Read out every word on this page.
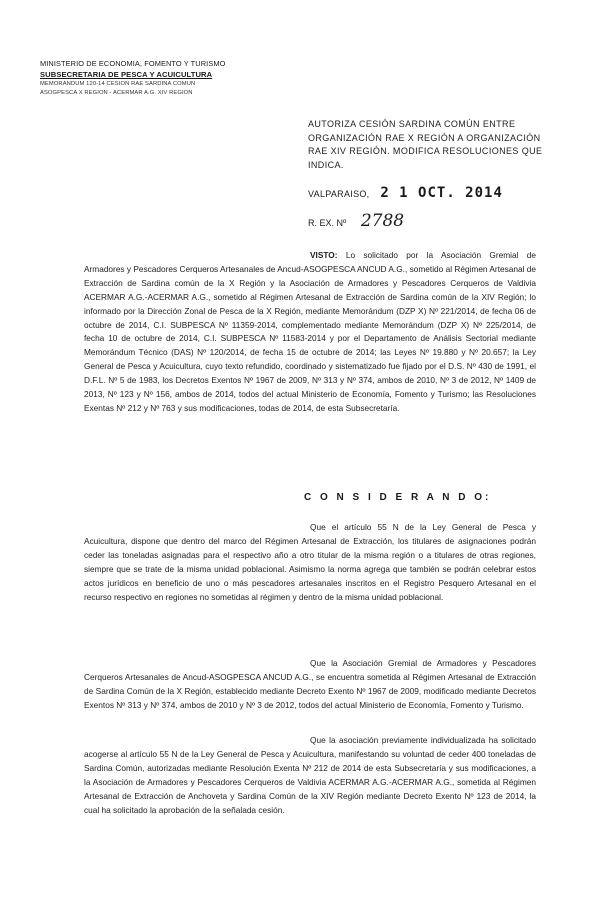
MINISTERIO DE ECONOMIA, FOMENTO Y TURISMO
SUBSECRETARIA DE PESCA Y ACUICULTURA
MEMORANDUM 120-14 CESION RAE SARDINA COMUN
ASOGPESCA X REGION - ACERMAR A.G. XIV REGION
AUTORIZA CESIÓN SARDINA COMÚN ENTRE ORGANIZACIÓN RAE X REGIÓN A ORGANIZACIÓN RAE XIV REGIÓN. MODIFICA RESOLUCIONES QUE INDICA.
VALPARAISO, 2 1 OCT. 2014
R. EX. Nº 2788
VISTO: Lo solicitado por la Asociación Gremial de Armadores y Pescadores Cerqueros Artesanales de Ancud-ASOGPESCA ANCUD A.G., sometido al Régimen Artesanal de Extracción de Sardina común de la X Región y la Asociación de Armadores y Pescadores Cerqueros de Valdivia ACERMAR A.G.-ACERMAR A.G., sometido al Régimen Artesanal de Extracción de Sardina común de la XIV Región; lo informado por la Dirección Zonal de Pesca de la X Región, mediante Memorándum (DZP X) Nº 221/2014, de fecha 06 de octubre de 2014, C.I. SUBPESCA Nº 11359-2014, complementado mediante Memorándum (DZP X) Nº 225/2014, de fecha 10 de octubre de 2014, C.I. SUBPESCA Nº 11583-2014 y por el Departamento de Análisis Sectorial mediante Memorándum Técnico (DAS) Nº 120/2014, de fecha 15 de octubre de 2014; las Leyes Nº 19.880 y Nº 20.657; la Ley General de Pesca y Acuicultura, cuyo texto refundido, coordinado y sistematizado fue fijado por el D.S. Nº 430 de 1991, el D.F.L. Nº 5 de 1983, los Decretos Exentos Nº 1967 de 2009, Nº 313 y Nº 374, ambos de 2010, Nº 3 de 2012, Nº 1409 de 2013, Nº 123 y Nº 156, ambos de 2014, todos del actual Ministerio de Economía, Fomento y Turismo; las Resoluciones Exentas Nº 212 y Nº 763 y sus modificaciones, todas de 2014, de esta Subsecretaría.
C O N S I D E R A N D O:
Que el artículo 55 N de la Ley General de Pesca y Acuicultura, dispone que dentro del marco del Régimen Artesanal de Extracción, los titulares de asignaciones podrán ceder las toneladas asignadas para el respectivo año a otro titular de la misma región o a titulares de otras regiones, siempre que se trate de la misma unidad poblacional. Asimismo la norma agrega que también se podrán celebrar estos actos jurídicos en beneficio de uno o más pescadores artesanales inscritos en el Registro Pesquero Artesanal en el recurso respectivo en regiones no sometidas al régimen y dentro de la misma unidad poblacional.
Que la Asociación Gremial de Armadores y Pescadores Cerqueros Artesanales de Ancud-ASOGPESCA ANCUD A.G., se encuentra sometida al Régimen Artesanal de Extracción de Sardina Común de la X Región, establecido mediante Decreto Exento Nº 1967 de 2009, modificado mediante Decretos Exentos Nº 313 y Nº 374, ambos de 2010 y Nº 3 de 2012, todos del actual Ministerio de Economía, Fomento y Turismo.
Que la asociación previamente individualizada ha solicitado acogerse al artículo 55 N de la Ley General de Pesca y Acuicultura, manifestando su voluntad de ceder 400 toneladas de Sardina Común, autorizadas mediante Resolución Exenta Nº 212 de 2014 de esta Subsecretaría y sus modificaciones, a la Asociación de Armadores y Pescadores Cerqueros de Valdivia ACERMAR A.G.-ACERMAR A.G., sometida al Régimen Artesanal de Extracción de Anchoveta y Sardina Común de la XIV Región mediante Decreto Exento Nº 123 de 2014, la cual ha solicitado la aprobación de la señalada cesión.
